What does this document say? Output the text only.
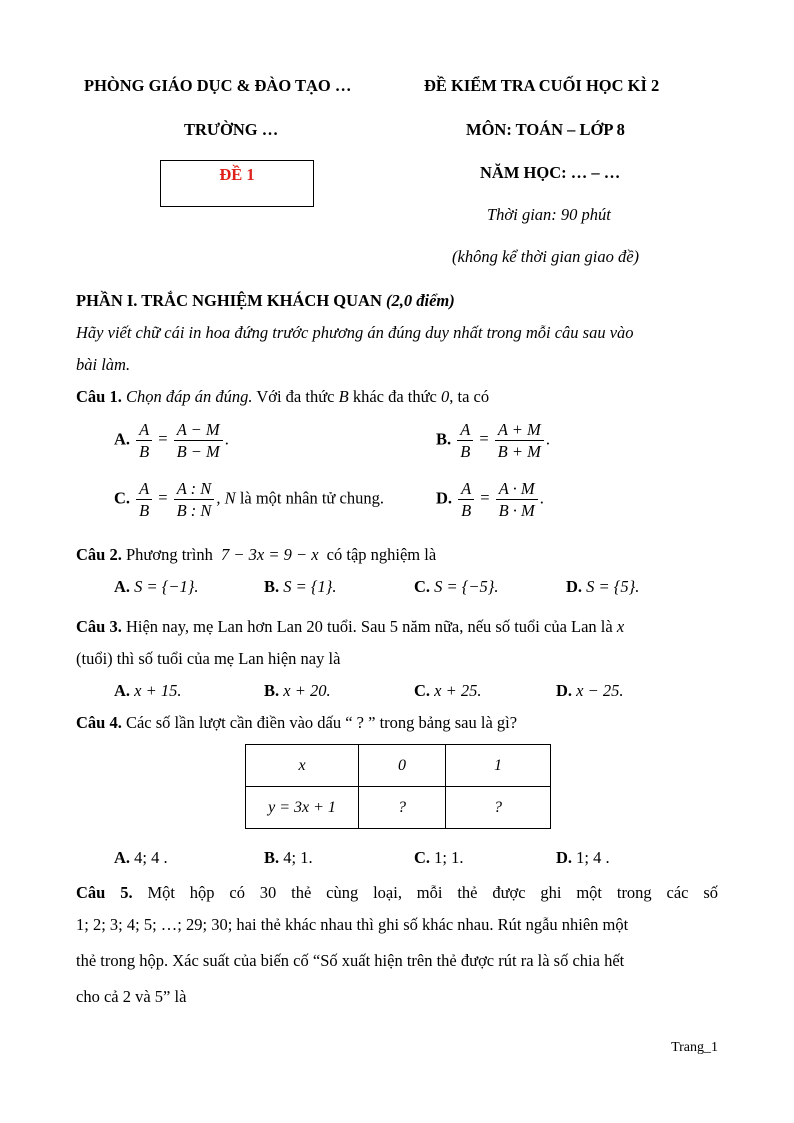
PHÒNG GIÁO DỤC & ĐÀO TẠO …
TRƯỜNG …
ĐỀ 1
ĐỀ KIỂM TRA CUỐI HỌC KÌ 2
MÔN: TOÁN – LỚP 8
NĂM HỌC: … – …
Thời gian: 90 phút
(không kể thời gian giao đề)
PHẦN I. TRẮC NGHIỆM KHÁCH QUAN (2,0 điểm)
Hãy viết chữ cái in hoa đứng trước phương án đúng duy nhất trong mỗi câu sau vào
bài làm.
Câu 1. Chọn đáp án đúng. Với đa thức B khác đa thức 0, ta có
A. $\frac{A}{B} = \frac{A - M}{B - M}$ .	B. $\frac{A}{B} = \frac{A + M}{B + M}$ .
C. $\frac{A}{B} = \frac{A : N}{B : N}$ , N là một nhân tử chung.	D. $\frac{A}{B} = \frac{A \cdot M}{B \cdot M}$ .
Câu 2. Phương trình 7 − 3x = 9 − x có tập nghiệm là
A. S = {−1}.	B. S = {1}.	C. S = {−5}.	D. S = {5}.
Câu 3. Hiện nay, mẹ Lan hơn Lan 20 tuổi. Sau 5 năm nữa, nếu số tuổi của Lan là x
(tuổi) thì số tuổi của mẹ Lan hiện nay là
A. x + 15.	B. x + 20.	C. x + 25.	D. x − 25.
Câu 4. Các số lần lượt cần điền vào dấu “ ? ” trong bảng sau là gì?
x	0	1
y = 3x + 1	?	?
A. 4; 4 .	B. 4; 1.	C. 1; 1.	D. 1; 4 .
Câu 5. Một hộp có 30 thẻ cùng loại, mỗi thẻ được ghi một trong các số
1; 2; 3; 4; 5; …; 29; 30; hai thẻ khác nhau thì ghi số khác nhau. Rút ngẫu nhiên một
thẻ trong hộp. Xác suất của biến cố “Số xuất hiện trên thẻ được rút ra là số chia hết
cho cả 2 và 5” là
Trang_1
